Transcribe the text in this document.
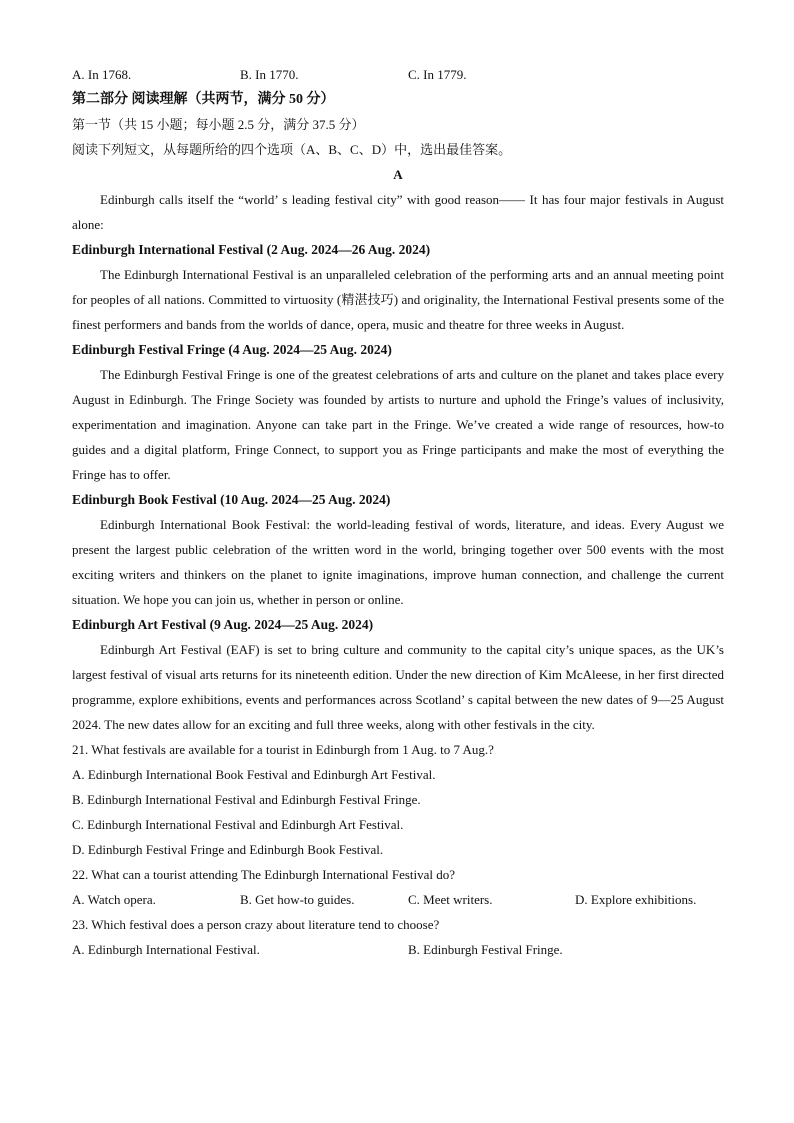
A. In 1768.	B. In 1770.	C. In 1779.
第二部分 阅读理解（共两节，满分 50 分）
第一节（共 15 小题；每小题 2.5 分，满分 37.5 分）
阅读下列短文，从每题所给的四个选项（A、B、C、D）中，选出最佳答案。
A
Edinburgh calls itself the “world’ s leading festival city” with good reason—— It has four major festivals in August alone:
Edinburgh International Festival (2 Aug. 2024—26 Aug. 2024)
The Edinburgh International Festival is an unparalleled celebration of the performing arts and an annual meeting point for peoples of all nations. Committed to virtuosity (精湛技巧) and originality, the International Festival presents some of the finest performers and bands from the worlds of dance, opera, music and theatre for three weeks in August.
Edinburgh Festival Fringe (4 Aug. 2024—25 Aug. 2024)
The Edinburgh Festival Fringe is one of the greatest celebrations of arts and culture on the planet and takes place every August in Edinburgh. The Fringe Society was founded by artists to nurture and uphold the Fringe’s values of inclusivity, experimentation and imagination. Anyone can take part in the Fringe. We’ve created a wide range of resources, how-to guides and a digital platform, Fringe Connect, to support you as Fringe participants and make the most of everything the Fringe has to offer.
Edinburgh Book Festival (10 Aug. 2024—25 Aug. 2024)
Edinburgh International Book Festival: the world-leading festival of words, literature, and ideas. Every August we present the largest public celebration of the written word in the world, bringing together over 500 events with the most exciting writers and thinkers on the planet to ignite imaginations, improve human connection, and challenge the current situation. We hope you can join us, whether in person or online.
Edinburgh Art Festival (9 Aug. 2024—25 Aug. 2024)
Edinburgh Art Festival (EAF) is set to bring culture and community to the capital city’s unique spaces, as the UK’s largest festival of visual arts returns for its nineteenth edition. Under the new direction of Kim McAleese, in her first directed programme, explore exhibitions, events and performances across Scotland’ s capital between the new dates of 9—25 August 2024. The new dates allow for an exciting and full three weeks, along with other festivals in the city.
21. What festivals are available for a tourist in Edinburgh from 1 Aug. to 7 Aug.?
A. Edinburgh International Book Festival and Edinburgh Art Festival.
B. Edinburgh International Festival and Edinburgh Festival Fringe.
C. Edinburgh International Festival and Edinburgh Art Festival.
D. Edinburgh Festival Fringe and Edinburgh Book Festival.
22. What can a tourist attending The Edinburgh International Festival do?
A. Watch opera.	B. Get how-to guides.	C. Meet writers.	D. Explore exhibitions.
23. Which festival does a person crazy about literature tend to choose?
A. Edinburgh International Festival.	B. Edinburgh Festival Fringe.
